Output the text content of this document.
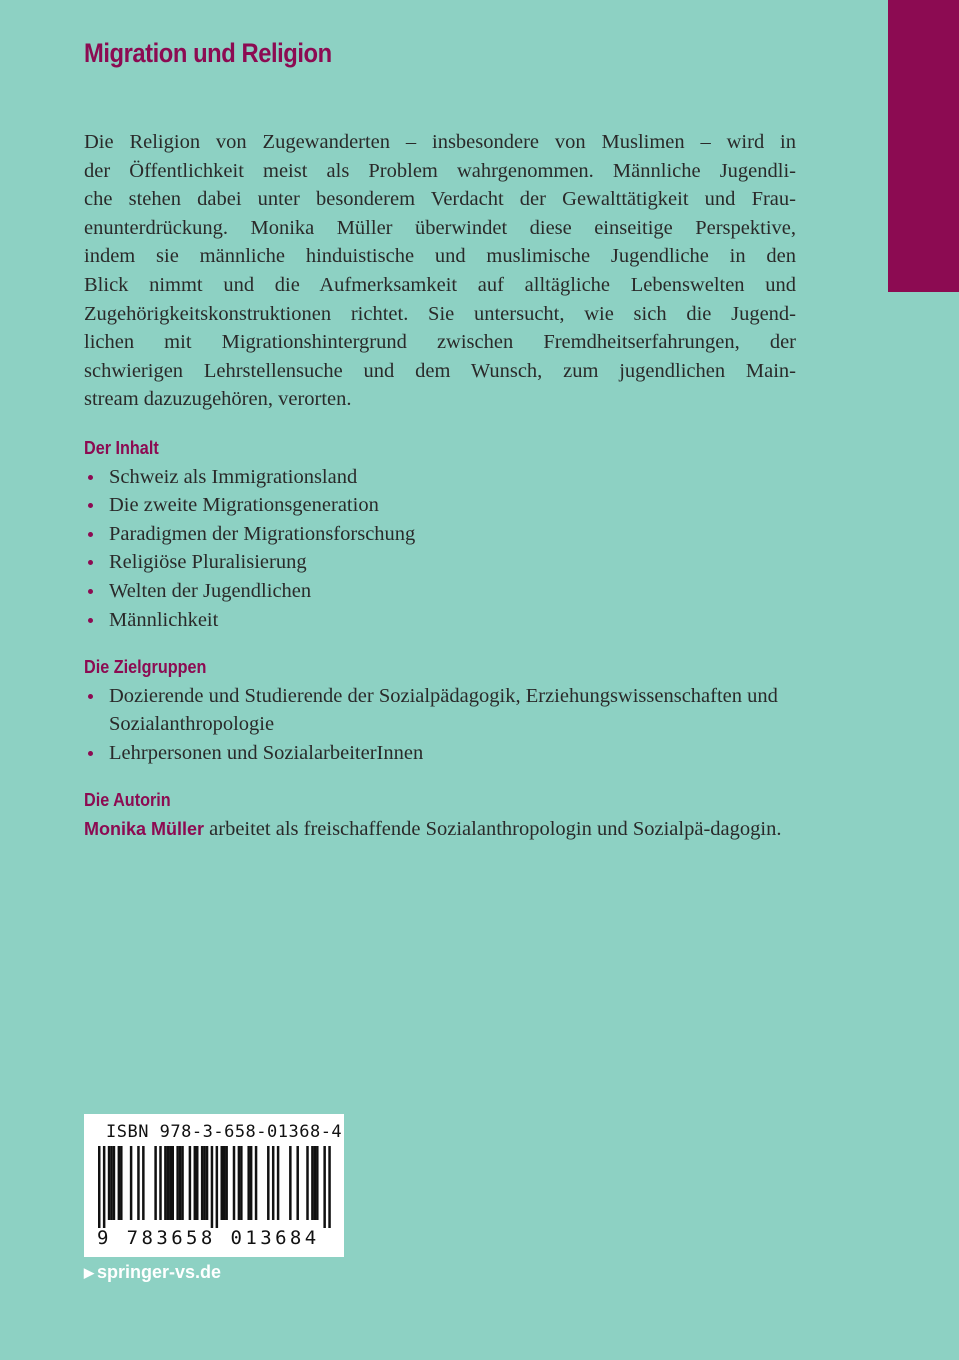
Migration und Religion

Die Religion von Zugewanderten – insbesondere von Muslimen – wird in
der Öffentlichkeit meist als Problem wahrgenommen. Männliche Jugendli-
che stehen dabei unter besonderem Verdacht der Gewalttätigkeit und Frau-
enunterdrückung. Monika Müller überwindet diese einseitige Perspektive,
indem sie männliche hinduistische und muslimische Jugendliche in den
Blick nimmt und die Aufmerksamkeit auf alltägliche Lebenswelten und
Zugehörigkeitskonstruktionen richtet. Sie untersucht, wie sich die Jugend-
lichen mit Migrationshintergrund zwischen Fremdheitserfahrungen, der
schwierigen Lehrstellensuche und dem Wunsch, zum jugendlichen Main-
stream dazuzugehören, verorten.

Der Inhalt
Schweiz als Immigrationsland
Die zweite Migrationsgeneration
Paradigmen der Migrationsforschung
Religiöse Pluralisierung
Welten der Jugendlichen
Männlichkeit
Die Zielgruppen
Dozierende und Studierende der Sozialpädagogik, Erziehungswissenschaften und Sozialanthropologie
Lehrpersonen und SozialarbeiterInnen
Die Autorin

Monika Müller arbeitet als freischaffende Sozialanthropologin und Sozialpä-dagogin.

ISBN 978-3-658-01368-4
9 783658 013684
▶ springer-vs.de
